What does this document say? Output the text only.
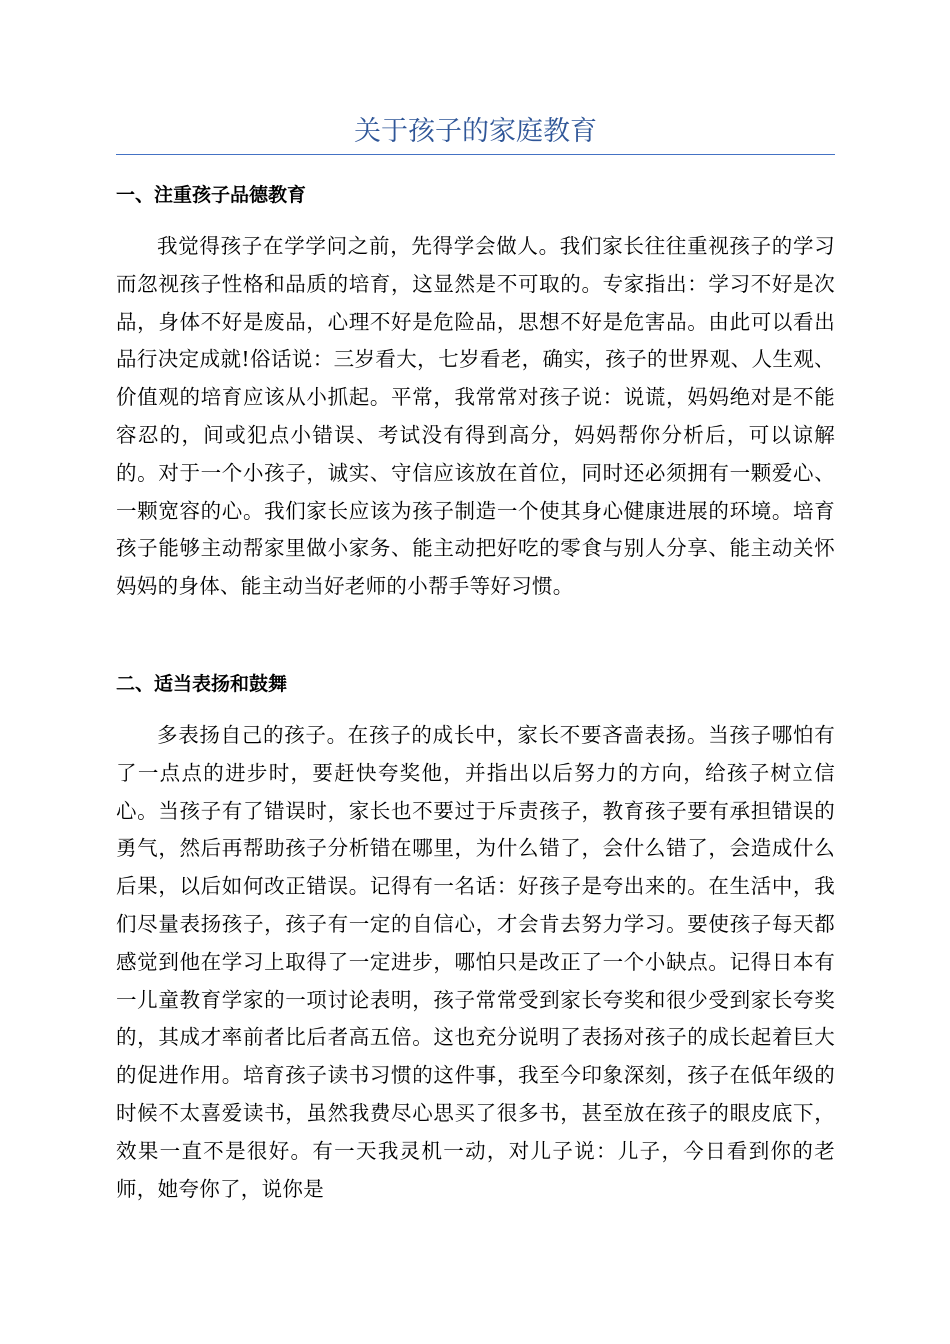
关于孩子的家庭教育
一、注重孩子品德教育

我觉得孩子在学学问之前，先得学会做人。我们家长往往重视孩子的学习而忽视孩子性格和品质的培育，这显然是不可取的。专家指出：学习不好是次品，身体不好是废品，心理不好是危险品，思想不好是危害品。由此可以看出品行决定成就!俗话说：三岁看大，七岁看老，确实，孩子的世界观、人生观、价值观的培育应该从小抓起。平常，我常常对孩子说：说谎，妈妈绝对是不能容忍的，间或犯点小错误、考试没有得到高分，妈妈帮你分析后，可以谅解的。对于一个小孩子，诚实、守信应该放在首位，同时还必须拥有一颗爱心、一颗宽容的心。我们家长应该为孩子制造一个使其身心健康进展的环境。培育孩子能够主动帮家里做小家务、能主动把好吃的零食与别人分享、能主动关怀妈妈的身体、能主动当好老师的小帮手等好习惯。

二、适当表扬和鼓舞

多表扬自己的孩子。在孩子的成长中，家长不要吝啬表扬。当孩子哪怕有了一点点的进步时，要赶快夸奖他，并指出以后努力的方向，给孩子树立信心。当孩子有了错误时，家长也不要过于斥责孩子，教育孩子要有承担错误的勇气，然后再帮助孩子分析错在哪里，为什么错了，会什么错了，会造成什么后果，以后如何改正错误。记得有一名话：好孩子是夸出来的。在生活中，我们尽量表扬孩子，孩子有一定的自信心，才会肯去努力学习。要使孩子每天都感觉到他在学习上取得了一定进步，哪怕只是改正了一个小缺点。记得日本有一儿童教育学家的一项讨论表明，孩子常常受到家长夸奖和很少受到家长夸奖的，其成才率前者比后者高五倍。这也充分说明了表扬对孩子的成长起着巨大的促进作用。培育孩子读书习惯的这件事，我至今印象深刻，孩子在低年级的时候不太喜爱读书，虽然我费尽心思买了很多书，甚至放在孩子的眼皮底下，效果一直不是很好。有一天我灵机一动，对儿子说：儿子，今日看到你的老师，她夸你了，说你是
